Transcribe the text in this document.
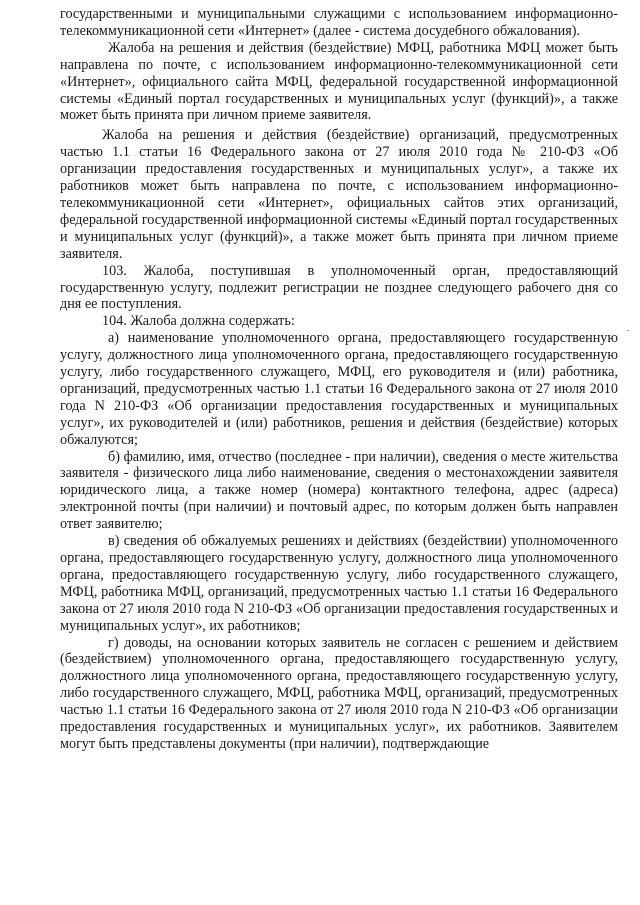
государственными и муниципальными служащими с использованием информационно-телекоммуникационной сети «Интернет» (далее - система досудебного обжалования).

Жалоба на решения и действия (бездействие) МФЦ, работника МФЦ может быть направлена по почте, с использованием информационно-телекоммуникационной сети «Интернет», официального сайта МФЦ, федеральной государственной информационной системы «Единый портал государственных и муниципальных услуг (функций)», а также может быть принята при личном приеме заявителя.

Жалоба на решения и действия (бездействие) организаций, предусмотренных частью 1.1 статьи 16 Федерального закона от 27 июля 2010 года № 210-ФЗ «Об организации предоставления государственных и муниципальных услуг», а также их работников может быть направлена по почте, с использованием информационно-телекоммуникационной сети «Интернет», официальных сайтов этих организаций, федеральной государственной информационной системы «Единый портал государственных и муниципальных услуг (функций)», а также может быть принята при личном приеме заявителя.

103. Жалоба, поступившая в уполномоченный орган, предоставляющий государственную услугу, подлежит регистрации не позднее следующего рабочего дня со дня ее поступления.

104. Жалоба должна содержать:

а) наименование уполномоченного органа, предоставляющего государственную услугу, должностного лица уполномоченного органа, предоставляющего государственную услугу, либо государственного служащего, МФЦ, его руководителя и (или) работника, организаций, предусмотренных частью 1.1 статьи 16 Федерального закона от 27 июля 2010 года N 210-ФЗ «Об организации предоставления государственных и муниципальных услуг», их руководителей и (или) работников, решения и действия (бездействие) которых обжалуются;

б) фамилию, имя, отчество (последнее - при наличии), сведения о месте жительства заявителя - физического лица либо наименование, сведения о местонахождении заявителя юридического лица, а также номер (номера) контактного телефона, адрес (адреса) электронной почты (при наличии) и почтовый адрес, по которым должен быть направлен ответ заявителю;

в) сведения об обжалуемых решениях и действиях (бездействии) уполномоченного органа, предоставляющего государственную услугу, должностного лица уполномоченного органа, предоставляющего государственную услугу, либо государственного служащего, МФЦ, работника МФЦ, организаций, предусмотренных частью 1.1 статьи 16 Федерального закона от 27 июля 2010 года N 210-ФЗ «Об организации предоставления государственных и муниципальных услуг», их работников;

г) доводы, на основании которых заявитель не согласен с решением и действием (бездействием) уполномоченного органа, предоставляющего государственную услугу, должностного лица уполномоченного органа, предоставляющего государственную услугу, либо государственного служащего, МФЦ, работника МФЦ, организаций, предусмотренных частью 1.1 статьи 16 Федерального закона от 27 июля 2010 года N 210-ФЗ «Об организации предоставления государственных и муниципальных услуг», их работников. Заявителем могут быть представлены документы (при наличии), подтверждающие
